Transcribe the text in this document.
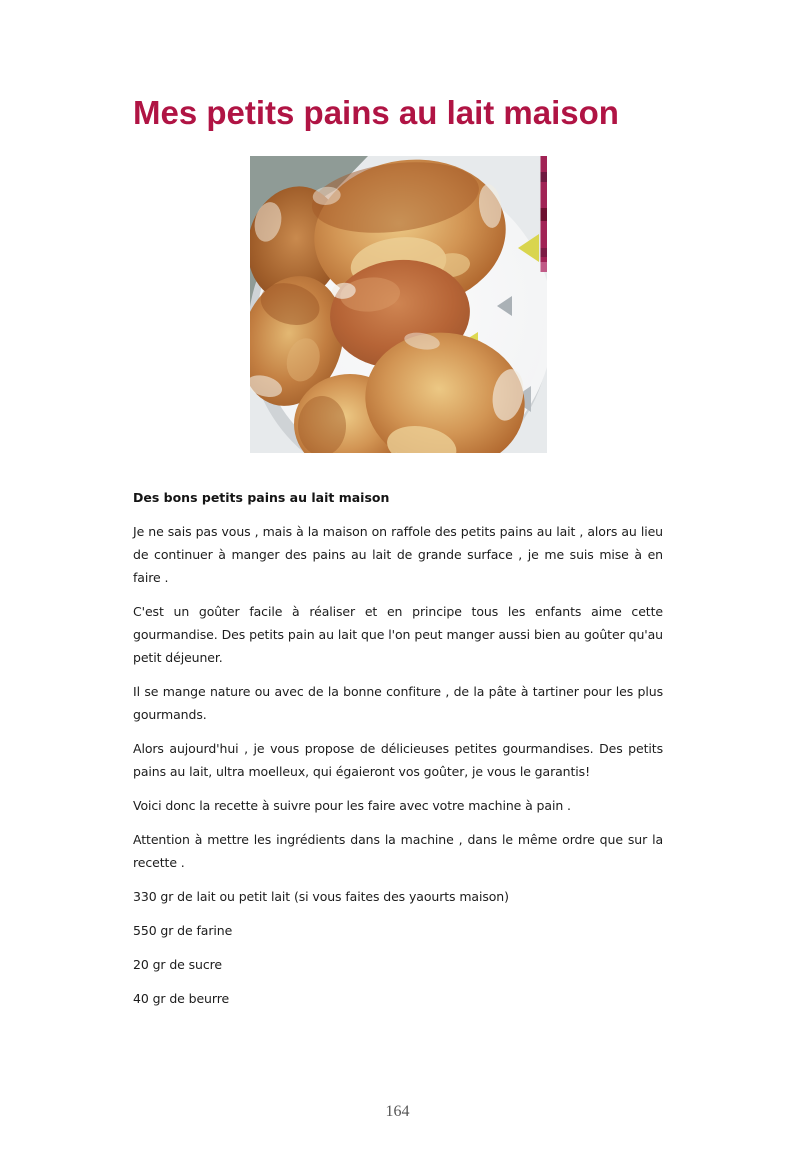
Mes petits pains au lait maison
Des bons petits pains au lait maison

Je ne sais pas vous , mais à la maison on raffole des petits pains au lait , alors au lieu de continuer à manger des pains au lait de grande surface , je me suis mise à en faire .

C'est un goûter facile à réaliser et en principe tous les enfants aime cette gourmandise. Des petits pain au lait que l'on peut manger aussi bien au goûter qu'au petit déjeuner.

Il se mange nature ou avec de la bonne confiture , de la pâte à tartiner pour les plus gourmands.

Alors aujourd'hui , je vous propose de délicieuses petites gourmandises. Des petits pains au lait, ultra moelleux, qui égaieront vos goûter, je vous le garantis!

Voici donc la recette à suivre pour les faire avec votre machine à pain .

Attention à mettre les ingrédients dans la machine , dans le même ordre que sur la recette .

330 gr de lait ou petit lait (si vous faites des yaourts maison)

550 gr de farine

20 gr de sucre

40 gr de beurre

164
